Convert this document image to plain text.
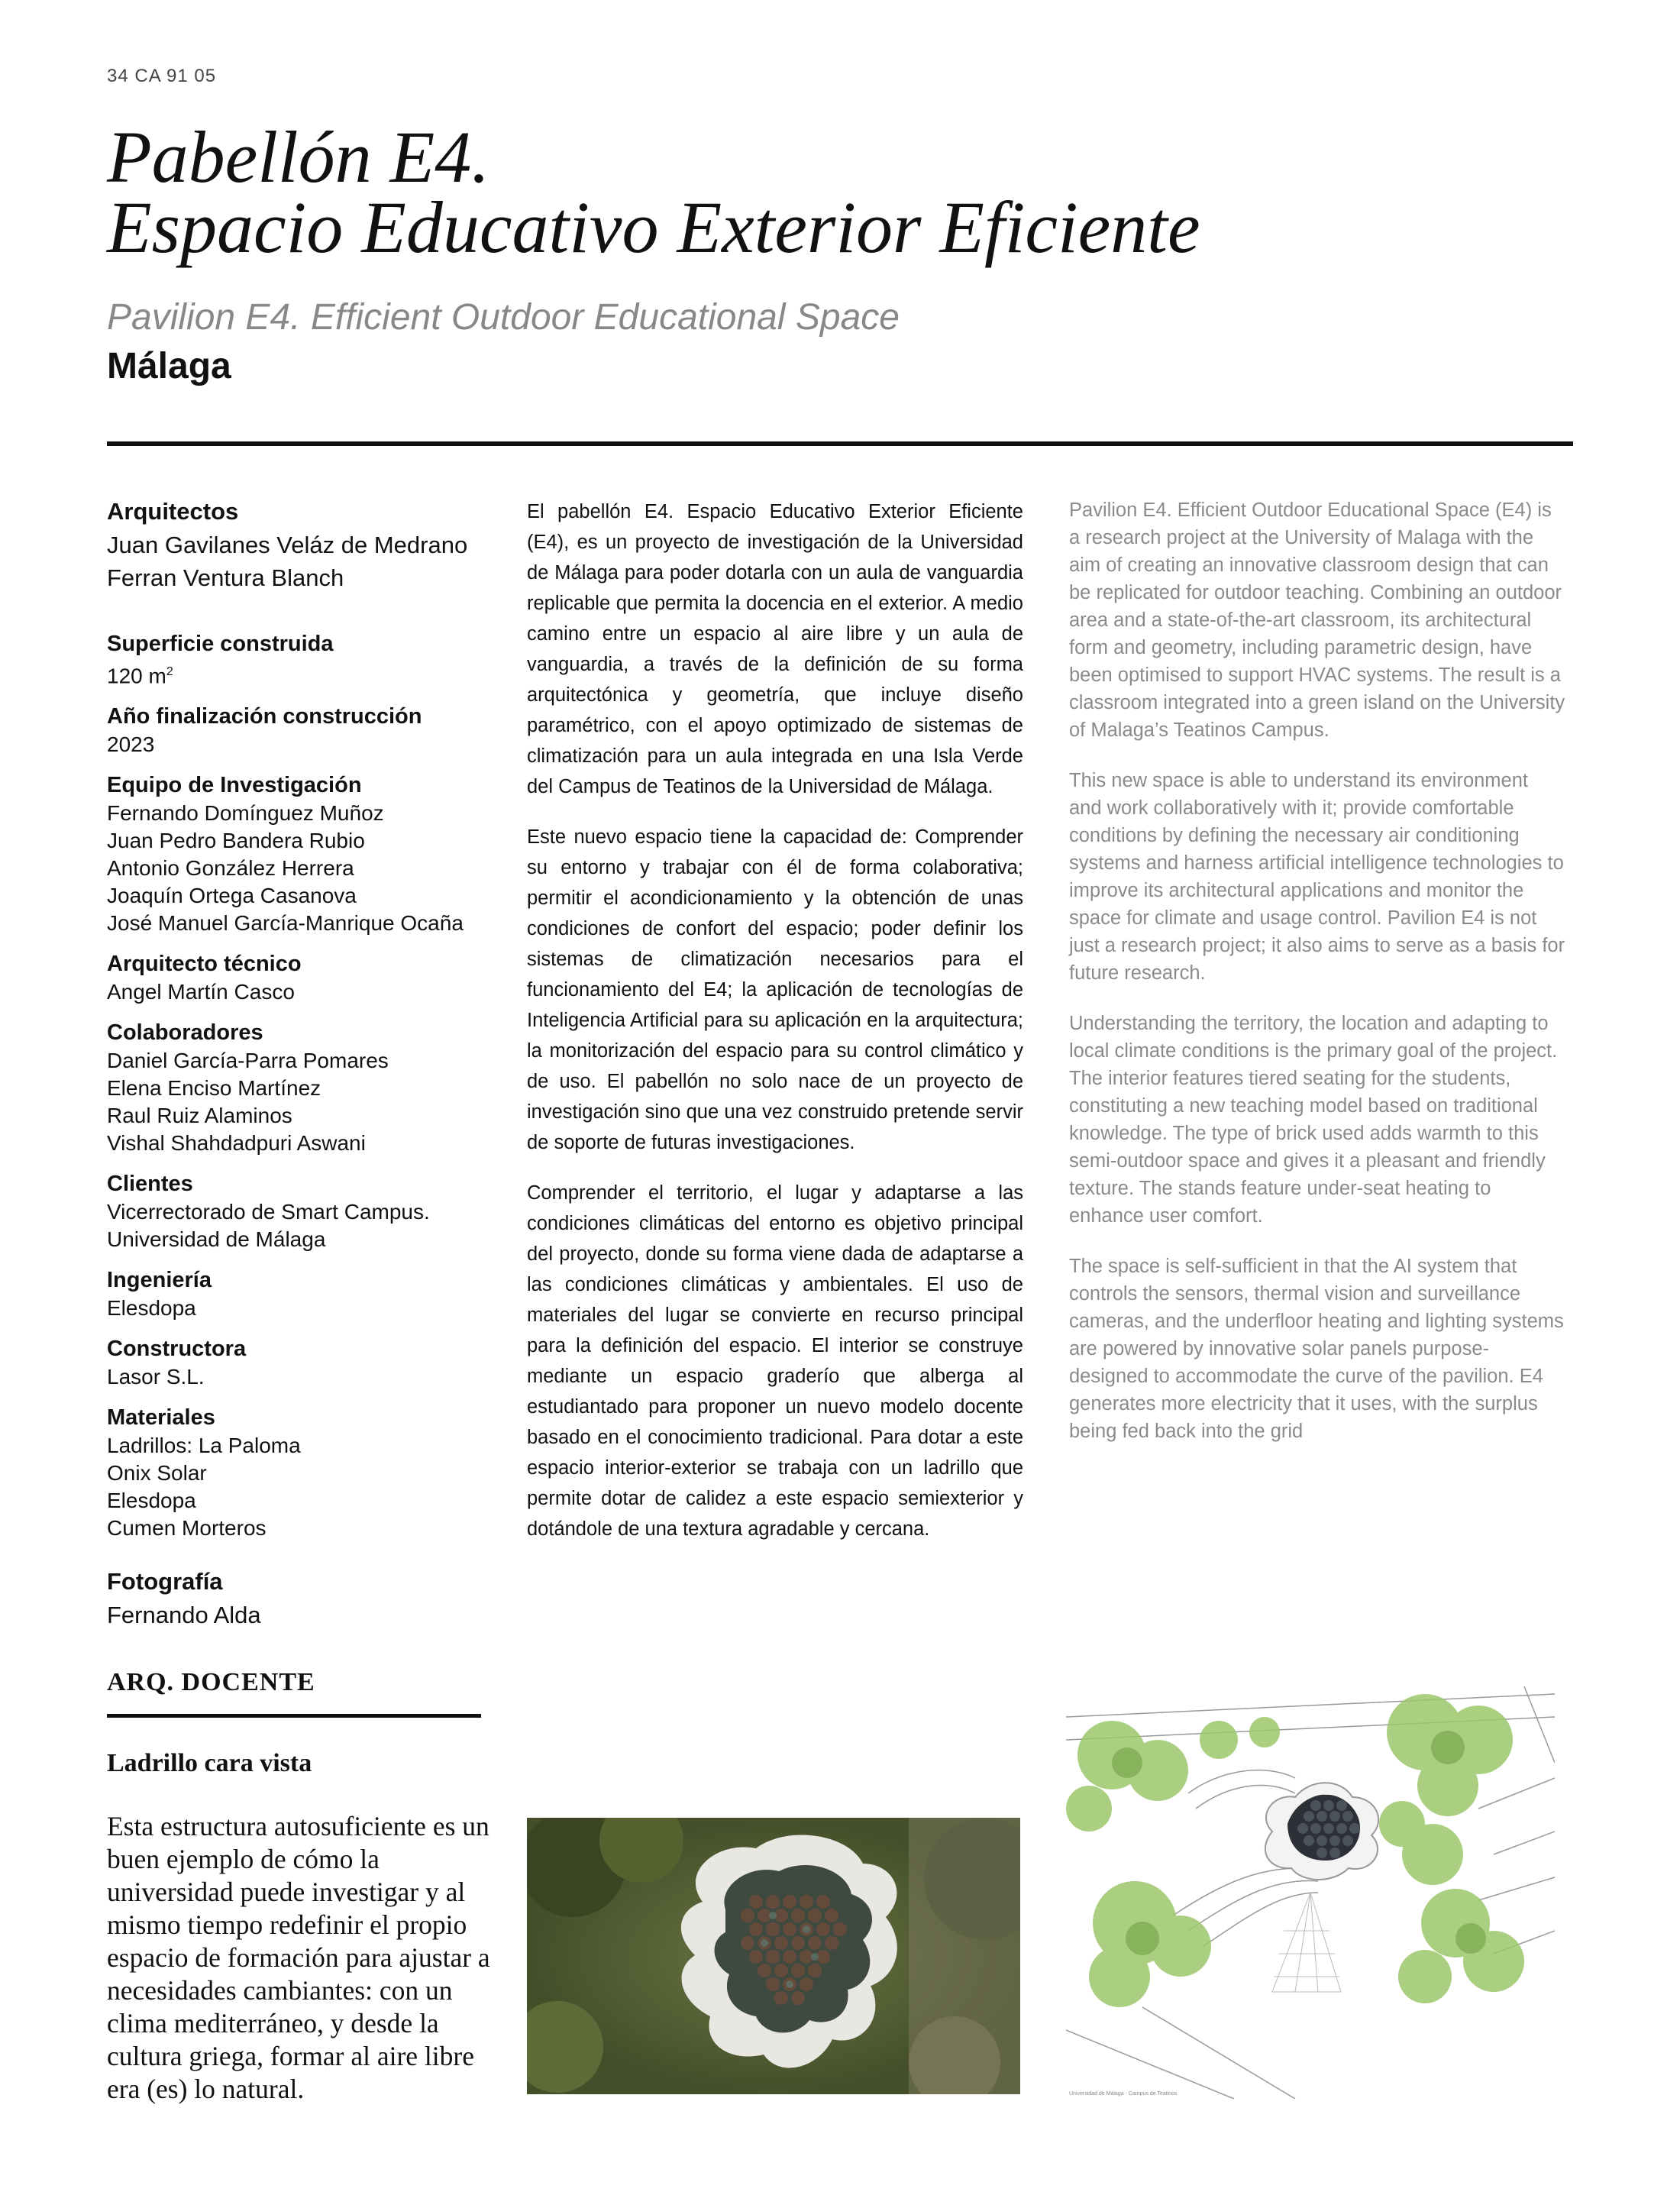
34 CA 91 05
Pabellón E4.
Espacio Educativo Exterior Eficiente
Pavilion E4. Efficient Outdoor Educational Space
Málaga
Arquitectos
Juan Gavilanes Veláz de Medrano
Ferran Ventura Blanch
Superficie construida
120 $m^2$
Año finalización construcción
2023
Equipo de Investigación
Fernando Domínguez Muñoz
Juan Pedro Bandera Rubio
Antonio González Herrera
Joaquín Ortega Casanova
José Manuel García-Manrique Ocaña
Arquitecto técnico
Angel Martín Casco
Colaboradores
Daniel García-Parra Pomares
Elena Enciso Martínez
Raul Ruiz Alaminos
Vishal Shahdadpuri Aswani
Clientes
Vicerrectorado de Smart Campus.
Universidad de Málaga
Ingeniería
Elesdopa
Constructora
Lasor S.L.
Materiales
Ladrillos: La Paloma
Onix Solar
Elesdopa
Cumen Morteros
Fotografía
Fernando Alda

El pabellón E4. Espacio Educativo Exterior Eficiente (E4), es un proyecto de investigación de la Universidad de Málaga para poder dotarla con un aula de vanguardia replicable que permita la docencia en el exterior. A medio camino entre un espacio al aire libre y un aula de vanguardia, a través de la definición de su forma arquitectónica y geometría, que incluye diseño paramétrico, con el apoyo optimizado de sistemas de climatización para un aula integrada en una Isla Verde del Campus de Teatinos de la Universidad de Málaga.

Este nuevo espacio tiene la capacidad de: Comprender su entorno y trabajar con él de forma colaborativa; permitir el acondicionamiento y la obtención de unas condiciones de confort del espacio; poder definir los sistemas de climatización necesarios para el funcionamiento del E4; la aplicación de tecnologías de Inteligencia Artificial para su aplicación en la arquitectura; la monitorización del espacio para su control climático y de uso. El pabellón no solo nace de un proyecto de investigación sino que una vez construido pretende servir de soporte de futuras investigaciones.

Comprender el territorio, el lugar y adaptarse a las condiciones climáticas del entorno es objetivo principal del proyecto, donde su forma viene dada de adaptarse a las condiciones climáticas y ambientales. El uso de materiales del lugar se convierte en recurso principal para la definición del espacio. El interior se construye mediante un espacio graderío que alberga al estudiantado para proponer un nuevo modelo docente basado en el conocimiento tradicional. Para dotar a este espacio interior-exterior se trabaja con un ladrillo que permite dotar de calidez a este espacio semiexterior y dotándole de una textura agradable y cercana.

Pavilion E4. Efficient Outdoor Educational Space (E4) is a research project at the University of Malaga with the aim of creating an innovative classroom design that can be replicated for outdoor teaching. Combining an outdoor area and a state-of-the-art classroom, its architectural form and geometry, including parametric design, have been optimised to support HVAC systems. The result is a classroom integrated into a green island on the University of Malaga’s Teatinos Campus.

This new space is able to understand its environment and work collaboratively with it; provide comfortable conditions by defining the necessary air conditioning systems and harness artificial intelligence technologies to improve its architectural applications and monitor the space for climate and usage control. Pavilion E4 is not just a research project; it also aims to serve as a basis for future research.

Understanding the territory, the location and adapting to local climate conditions is the primary goal of the project. The interior features tiered seating for the students, constituting a new teaching model based on traditional knowledge. The type of brick used adds warmth to this semi-outdoor space and gives it a pleasant and friendly texture. The stands feature under-seat heating to enhance user comfort.

The space is self-sufficient in that the AI system that controls the sensors, thermal vision and surveillance cameras, and the underfloor heating and lighting systems are powered by innovative solar panels purpose-designed to accommodate the curve of the pavilion. E4 generates more electricity that it uses, with the surplus being fed back into the grid

ARQ. DOCENTE
Ladrillo cara vista
Esta estructura autosuficiente es un buen ejemplo de cómo la universidad puede investigar y al mismo tiempo redefinir el propio espacio de formación para ajustar a necesidades cambiantes: con un clima mediterráneo, y desde la cultura griega, formar al aire libre era (es) lo natural.	Universidad de Málaga · Campus de Teatinos
